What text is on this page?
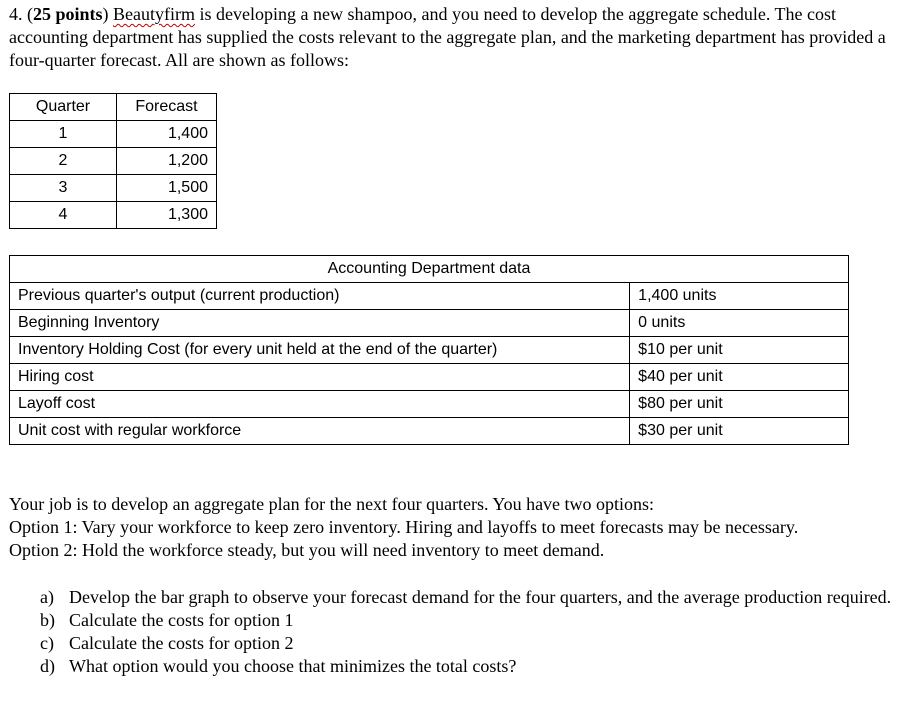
4. (25 points) Beautyfirm is developing a new shampoo, and you need to develop the aggregate schedule. The cost accounting department has supplied the costs relevant to the aggregate plan, and the marketing department has provided a four-quarter forecast. All are shown as follows:

Quarter	Forecast
1	1,400
2	1,200
3	1,500
4	1,300
Accounting Department data	
Previous quarter's output (current production)	1,400 units
Beginning Inventory	0 units
Inventory Holding Cost (for every unit held at the end of the quarter)	$10 per unit
Hiring cost	$40 per unit
Layoff cost	$80 per unit
Unit cost with regular workforce	$30 per unit

Your job is to develop an aggregate plan for the next four quarters. You have two options:

Option 1: Vary your workforce to keep zero inventory. Hiring and layoffs to meet forecasts may be necessary.

Option 2: Hold the workforce steady, but you will need inventory to meet demand.

a) Develop the bar graph to observe your forecast demand for the four quarters, and the average production required.
b) Calculate the costs for option 1
c) Calculate the costs for option 2
d) What option would you choose that minimizes the total costs?
